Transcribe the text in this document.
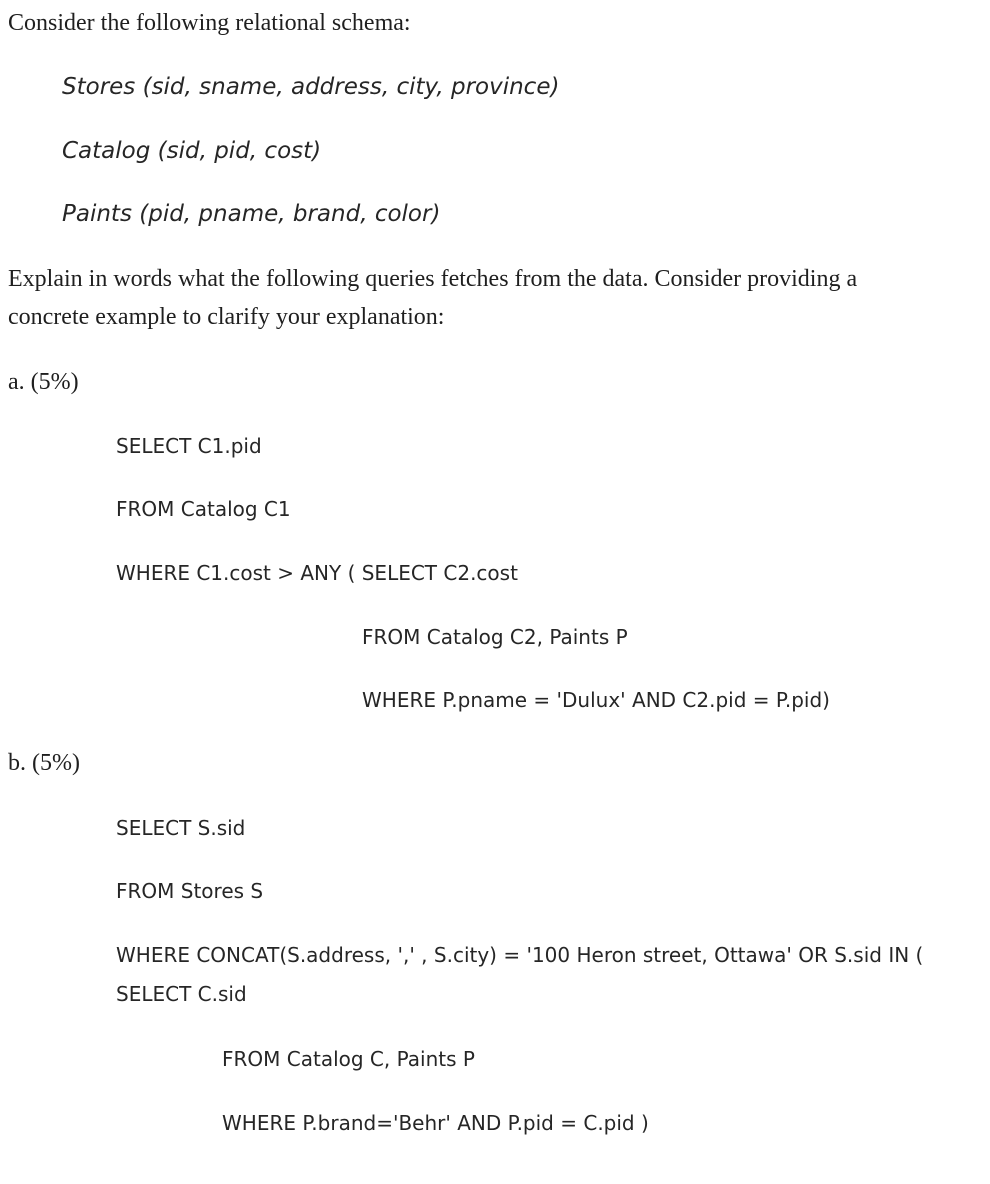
Consider the following relational schema:
Stores (sid, sname, address, city, province)
Catalog (sid, pid, cost)
Paints (pid, pname, brand, color)
Explain in words what the following queries fetches from the data. Consider providing a
concrete example to clarify your explanation:
a. (5%)
SELECT C1.pid
FROM Catalog C1
WHERE C1.cost > ANY ( SELECT C2.cost
FROM Catalog C2, Paints P
WHERE P.pname = 'Dulux' AND C2.pid = P.pid)
b. (5%)
SELECT S.sid
FROM Stores S
WHERE CONCAT(S.address, ',' , S.city) = '100 Heron street, Ottawa' OR S.sid IN ( SELECT C.sid
FROM Catalog C, Paints P
WHERE P.brand='Behr' AND P.pid = C.pid )
